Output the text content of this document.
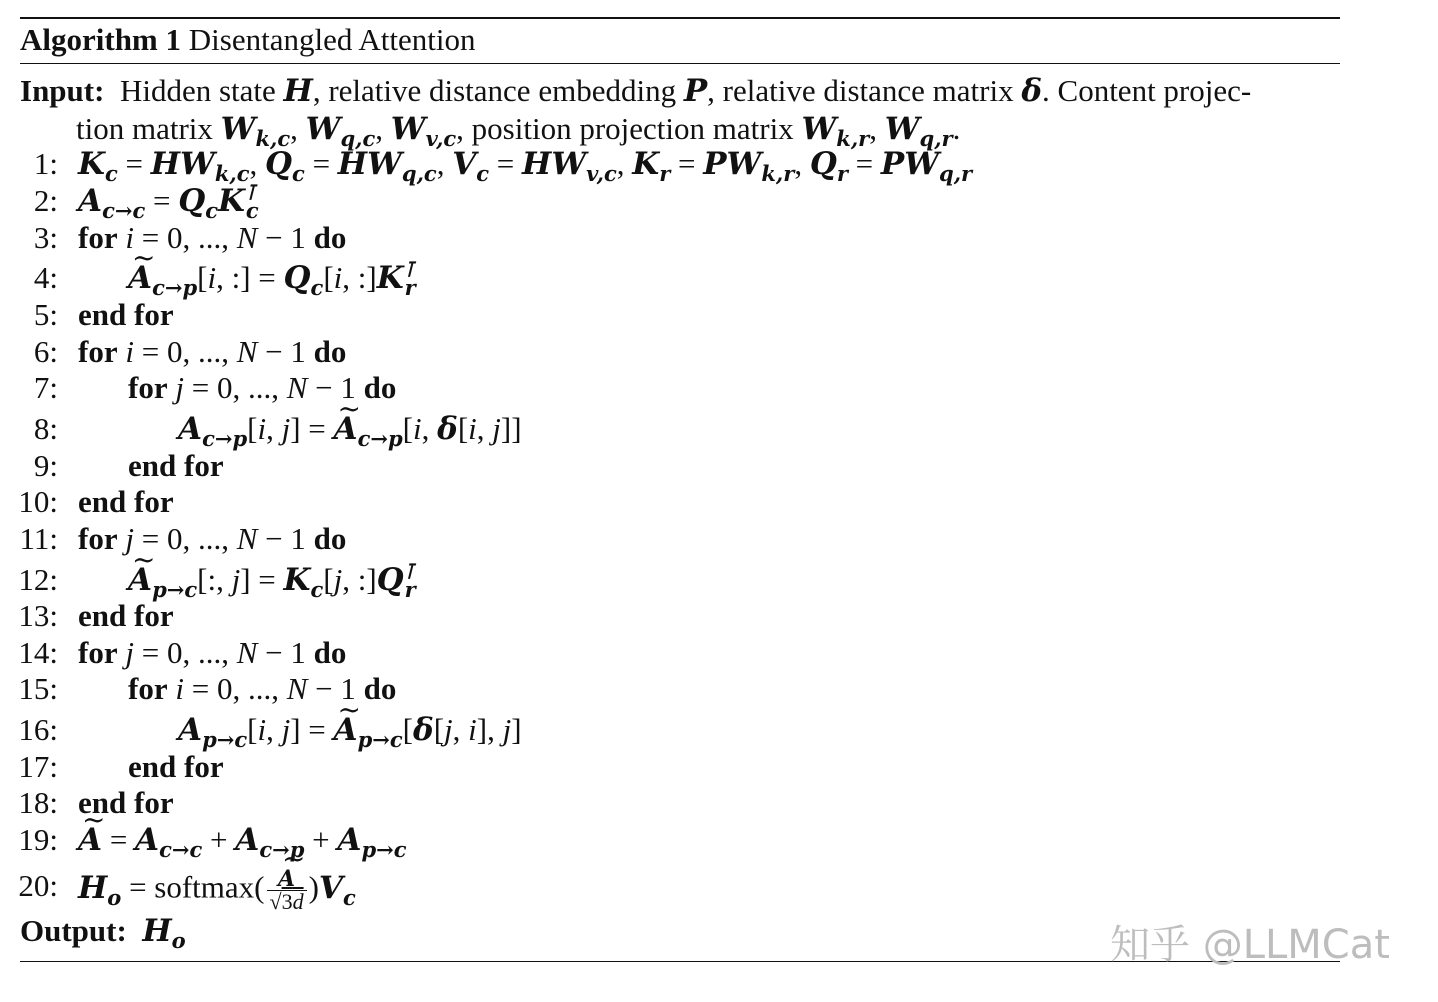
Algorithm 1 Disentangled Attention
Input:  Hidden state H, relative distance embedding P, relative distance matrix δ. Content projec-
tion matrix $W_{k,c}$, $W_{q,c}$, $W_{v,c}$, position projection matrix $W_{k,r}$, $W_{q,r}$.
1: $K_c = HW_{k,c}$, $Q_c = HW_{q,c}$, $V_c = HW_{v,c}$, $K_r = PW_{k,r}$, $Q_r = PW_{q,r}$
2: $A_{c\to c} = Q_cK^⊺_c$
3: for i = 0, ..., N − 1 do
4: ~ $A_{c\to p}[i$, :] = $Q_c[i$, $:]K^⊺_r$
5: end for
6: for i = 0, ..., N − 1 do
7: for j = 0, ..., N − 1 do
8:	$A_{c\to p}[i$, j] = ~ $A_{c\to p}[i$, δ[i, j]]
9: end for
10: end for
11: for j = 0, ..., N − 1 do
12: ~ $A_{p\to c}$[:, $j] = K_c[j$, $:]Q^⊺_r$
13: end for
14: for j = 0, ..., N − 1 do
15: for i = 0, ..., N − 1 do
16:	$A_{p\to c}[i$, j] = ~ $A_{p\to c}[\delta[j$, i], j]
17: end for
18: end for
19: ~ $A = A_{c\to c} + A_{c\to p} + A_{p\to c}$
20: $H_o$ = softmax( ~ $\frac{A}{√3d} )V_c$
Output: $H_o$	知乎 @LLMCat
